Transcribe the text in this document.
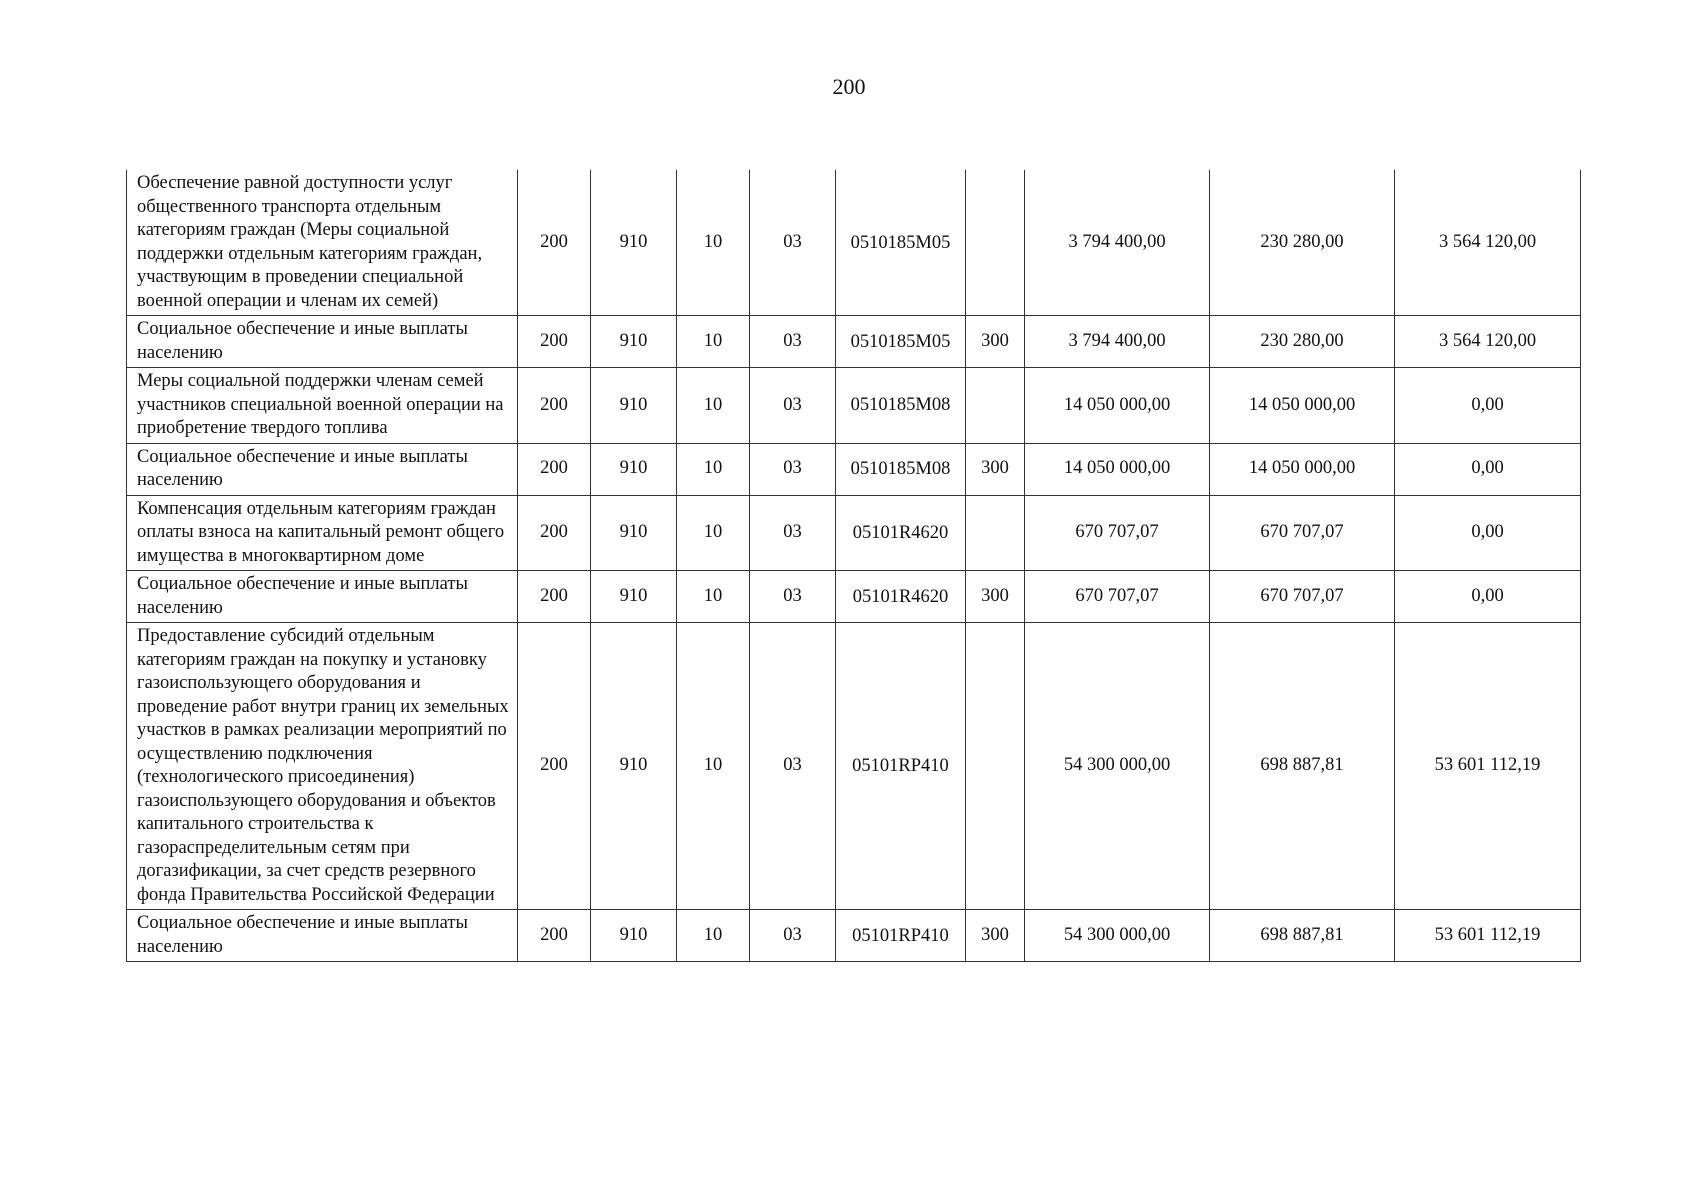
200
Обеспечение равной доступности услуг общественного транспорта отдельным категориям граждан (Меры социальной поддержки отдельным категориям граждан, участвующим в проведении специальной военной операции и членам их семей)	200	910	10	03	0510185М05		3 794 400,00	230 280,00	3 564 120,00
Социальное обеспечение и иные выплаты населению	200	910	10	03	0510185М05	300	3 794 400,00	230 280,00	3 564 120,00
Меры социальной поддержки членам семей участников специальной военной операции на приобретение твердого топлива	200	910	10	03	0510185М08		14 050 000,00	14 050 000,00	0,00
Социальное обеспечение и иные выплаты населению	200	910	10	03	0510185М08	300	14 050 000,00	14 050 000,00	0,00
Компенсация отдельным категориям граждан оплаты взноса на капитальный ремонт общего имущества в многоквартирном доме	200	910	10	03	05101R4620		670 707,07	670 707,07	0,00
Социальное обеспечение и иные выплаты населению	200	910	10	03	05101R4620	300	670 707,07	670 707,07	0,00
Предоставление субсидий отдельным категориям граждан на покупку и установку газоиспользующего оборудования и проведение работ внутри границ их земельных участков в рамках реализации мероприятий по осуществлению подключения (технологического присоединения) газоиспользующего оборудования и объектов капитального строительства к газораспределительным сетям при догазификации, за счет средств резервного фонда Правительства Российской Федерации	200	910	10	03	05101RP410		54 300 000,00	698 887,81	53 601 112,19
Социальное обеспечение и иные выплаты населению	200	910	10	03	05101RP410	300	54 300 000,00	698 887,81	53 601 112,19
